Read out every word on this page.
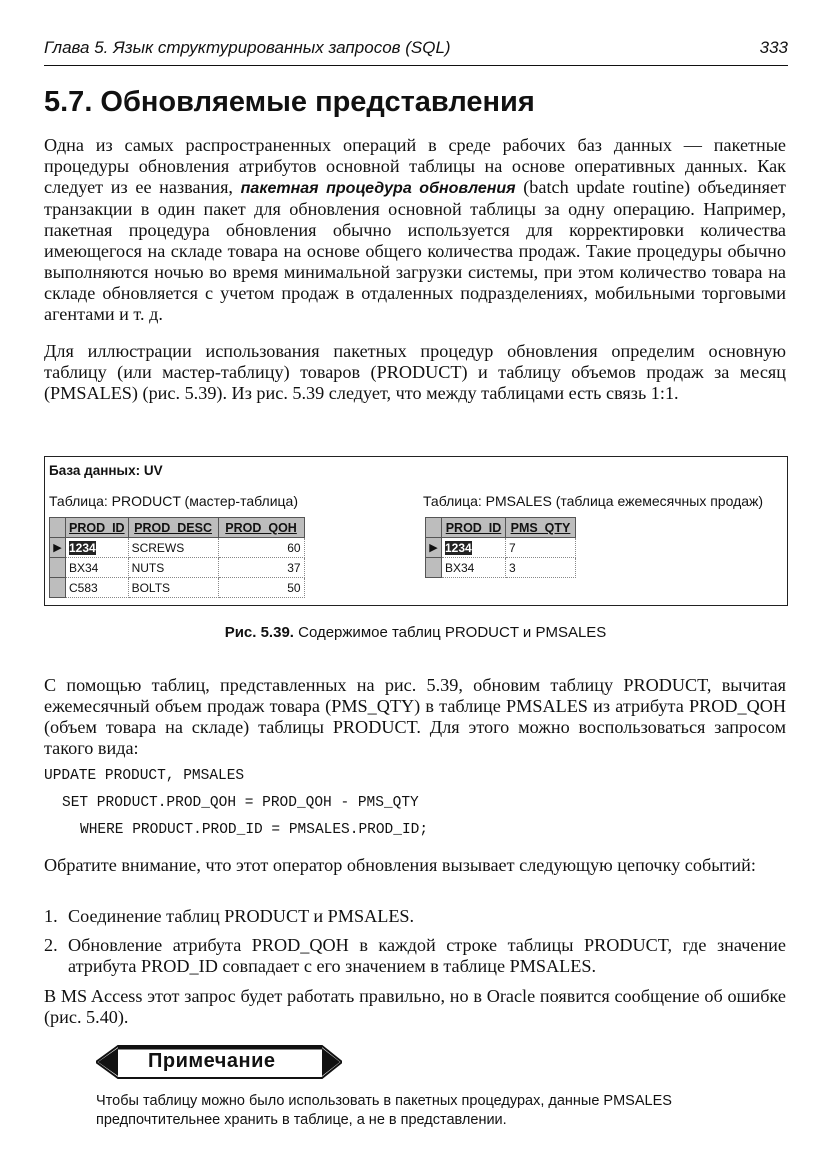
Глава 5. Язык структурированных запросов (SQL)	333
5.7. Обновляемые представления

Одна из самых распространенных операций в среде рабочих баз данных — пакетные процедуры обновления атрибутов основной таблицы на основе оперативных данных. Как следует из ее названия, пакетная процедура обновления (batch update routine) объединяет транзакции в один пакет для обновления основной таблицы за одну операцию. Например, пакетная процедура обновления обычно используется для корректировки количества имеющегося на складе товара на основе общего количества продаж. Такие процедуры обычно выполняются ночью во время минимальной загрузки системы, при этом количество товара на складе обновляется с учетом продаж в отдаленных подразделениях, мобильными торговыми агентами и т. д.

Для иллюстрации использования пакетных процедур обновления определим основную таблицу (или мастер-таблицу) товаров (PRODUCT) и таблицу объемов продаж за месяц (PMSALES) (рис. 5.39). Из рис. 5.39 следует, что между таблицами есть связь 1:1.

База данных: UV
Таблица: PRODUCT (мастер-таблица)
	PROD_ID	PROD_DESC	PROD_QOH
▶	1234	SCREWS	60
	BX34	NUTS	37
	C583	BOLTS	50
Таблица: PMSALES (таблица ежемесячных продаж)
	PROD_ID	PMS_QTY
▶	1234	7
	BX34	3
Рис. 5.39. Содержимое таблиц PRODUCT и PMSALES

С помощью таблиц, представленных на рис. 5.39, обновим таблицу PRODUCT, вычитая ежемесячный объем продаж товара (PMS_QTY) в таблице PMSALES из атрибута PROD_QOH (объем товара на складе) таблицы PRODUCT. Для этого можно воспользоваться запросом такого вида:

UPDATE PRODUCT, PMSALES
SET PRODUCT.PROD_QOH = PROD_QOH - PMS_QTY
WHERE PRODUCT.PROD_ID = PMSALES.PROD_ID;

Обратите внимание, что этот оператор обновления вызывает следующую цепочку событий:

1. Соединение таблиц PRODUCT и PMSALES.
2. Обновление атрибута PROD_QOH в каждой строке таблицы PRODUCT, где значение атрибута PROD_ID совпадает с его значением в таблице PMSALES.

В MS Access этот запрос будет работать правильно, но в Oracle появится сообщение об ошибке (рис. 5.40).

Примечание

Чтобы таблицу можно было использовать в пакетных процедурах, данные PMSALES предпочтительнее хранить в таблице, а не в представлении.
